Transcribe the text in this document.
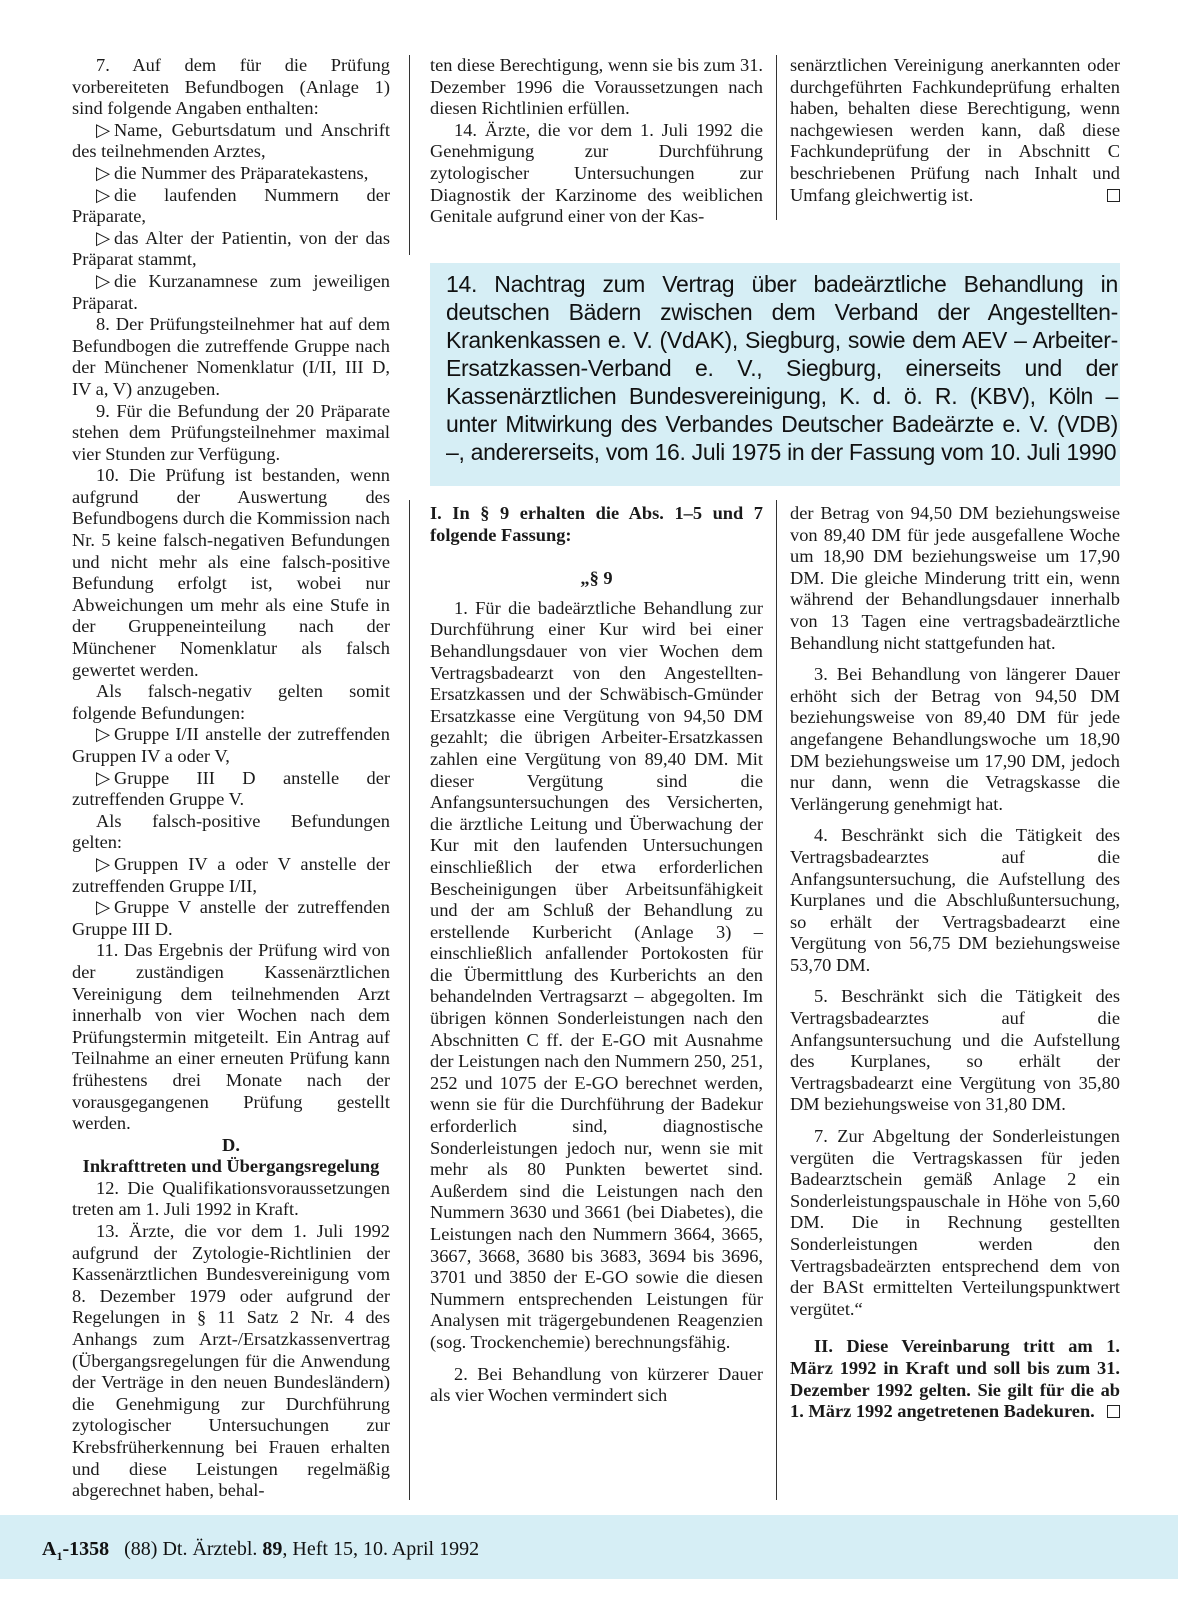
7. Auf dem für die Prüfung vorbereiteten Befundbogen (Anlage 1) sind folgende Angaben enthalten:

▷ Name, Geburtsdatum und Anschrift des teilnehmenden Arztes,

▷ die Nummer des Präparatekastens,

▷ die laufenden Nummern der Präparate,

▷ das Alter der Patientin, von der das Präparat stammt,

▷ die Kurzanamnese zum jeweiligen Präparat.

8. Der Prüfungsteilnehmer hat auf dem Befundbogen die zutreffende Gruppe nach der Münchener Nomenklatur (I/II, III D, IV a, V) anzugeben.

9. Für die Befundung der 20 Präparate stehen dem Prüfungsteilnehmer maximal vier Stunden zur Verfügung.

10. Die Prüfung ist bestanden, wenn aufgrund der Auswertung des Befundbogens durch die Kommission nach Nr. 5 keine falsch-negativen Befundungen und nicht mehr als eine falsch-positive Befundung erfolgt ist, wobei nur Abweichungen um mehr als eine Stufe in der Gruppeneinteilung nach der Münchener Nomenklatur als falsch gewertet werden.

Als falsch-negativ gelten somit folgende Befundungen:

▷ Gruppe I/II anstelle der zutreffenden Gruppen IV a oder V,

▷ Gruppe III D anstelle der zutreffenden Gruppe V.

Als falsch-positive Befundungen gelten:

▷ Gruppen IV a oder V anstelle der zutreffenden Gruppe I/II,

▷ Gruppe V anstelle der zutreffenden Gruppe III D.

11. Das Ergebnis der Prüfung wird von der zuständigen Kassenärztlichen Vereinigung dem teilnehmenden Arzt innerhalb von vier Wochen nach dem Prüfungstermin mitgeteilt. Ein Antrag auf Teilnahme an einer erneuten Prüfung kann frühestens drei Monate nach der vorausgegangenen Prüfung gestellt werden.

D.

Inkrafttreten und Übergangsregelung

12. Die Qualifikationsvoraussetzungen treten am 1. Juli 1992 in Kraft.

13. Ärzte, die vor dem 1. Juli 1992 aufgrund der Zytologie-Richtlinien der Kassenärztlichen Bundesvereinigung vom 8. Dezember 1979 oder aufgrund der Regelungen in § 11 Satz 2 Nr. 4 des Anhangs zum Arzt-/Ersatzkassenvertrag (Übergangsregelungen für die Anwendung der Verträge in den neuen Bundesländern) die Genehmigung zur Durchführung zytologischer Untersuchungen zur Krebsfrüherkennung bei Frauen erhalten und diese Leistungen regelmäßig abgerechnet haben, behal-

ten diese Berechtigung, wenn sie bis zum 31. Dezember 1996 die Voraussetzungen nach diesen Richtlinien erfüllen.

14. Ärzte, die vor dem 1. Juli 1992 die Genehmigung zur Durchführung zytologischer Untersuchungen zur Diagnostik der Karzinome des weiblichen Genitale aufgrund einer von der Kas-

senärztlichen Vereinigung anerkannten oder durchgeführten Fachkundeprüfung erhalten haben, behalten diese Berechtigung, wenn nachgewiesen werden kann, daß diese Fachkundeprüfung der in Abschnitt C beschriebenen Prüfung nach Inhalt und Umfang gleichwertig ist.

14. Nachtrag zum Vertrag über badeärztliche Behandlung in deutschen Bädern zwischen dem Verband der Angestellten-Krankenkassen e. V. (VdAK), Siegburg, sowie dem AEV – Arbeiter-Ersatzkassen-Verband e. V., Siegburg, einerseits und der Kassenärztlichen Bundesvereinigung, K. d. ö. R. (KBV), Köln – unter Mitwirkung des Verbandes Deutscher Badeärzte e. V. (VDB) –, andererseits, vom 16. Juli 1975 in der Fassung vom 10. Juli 1990

I. In § 9 erhalten die Abs. 1–5 und 7 folgende Fassung:

„§ 9

1. Für die badeärztliche Behandlung zur Durchführung einer Kur wird bei einer Behandlungsdauer von vier Wochen dem Vertragsbadearzt von den Angestellten-Ersatzkassen und der Schwäbisch-Gmünder Ersatzkasse eine Vergütung von 94,50 DM gezahlt; die übrigen Arbeiter-Ersatzkassen zahlen eine Vergütung von 89,40 DM. Mit dieser Vergütung sind die Anfangsuntersuchungen des Versicherten, die ärztliche Leitung und Überwachung der Kur mit den laufenden Untersuchungen einschließlich der etwa erforderlichen Bescheinigungen über Arbeitsunfähigkeit und der am Schluß der Behandlung zu erstellende Kurbericht (Anlage 3) – einschließlich anfallender Portokosten für die Übermittlung des Kurberichts an den behandelnden Vertragsarzt – abgegolten. Im übrigen können Sonderleistungen nach den Abschnitten C ff. der E-GO mit Ausnahme der Leistungen nach den Nummern 250, 251, 252 und 1075 der E-GO berechnet werden, wenn sie für die Durchführung der Badekur erforderlich sind, diagnostische Sonderleistungen jedoch nur, wenn sie mit mehr als 80 Punkten bewertet sind. Außerdem sind die Leistungen nach den Nummern 3630 und 3661 (bei Diabetes), die Leistungen nach den Nummern 3664, 3665, 3667, 3668, 3680 bis 3683, 3694 bis 3696, 3701 und 3850 der E-GO sowie die diesen Nummern entsprechenden Leistungen für Analysen mit trägergebundenen Reagenzien (sog. Trockenchemie) berechnungsfähig.

2. Bei Behandlung von kürzerer Dauer als vier Wochen vermindert sich

der Betrag von 94,50 DM beziehungsweise von 89,40 DM für jede ausgefallene Woche um 18,90 DM beziehungsweise um 17,90 DM. Die gleiche Minderung tritt ein, wenn während der Behandlungsdauer innerhalb von 13 Tagen eine vertragsbadeärztliche Behandlung nicht stattgefunden hat.

3. Bei Behandlung von längerer Dauer erhöht sich der Betrag von 94,50 DM beziehungsweise von 89,40 DM für jede angefangene Behandlungswoche um 18,90 DM beziehungsweise um 17,90 DM, jedoch nur dann, wenn die Vetragskasse die Verlängerung genehmigt hat.

4. Beschränkt sich die Tätigkeit des Vertragsbadearztes auf die Anfangsuntersuchung, die Aufstellung des Kurplanes und die Abschlußuntersuchung, so erhält der Vertragsbadearzt eine Vergütung von 56,75 DM beziehungsweise 53,70 DM.

5. Beschränkt sich die Tätigkeit des Vertragsbadearztes auf die Anfangsuntersuchung und die Aufstellung des Kurplanes, so erhält der Vertragsbadearzt eine Vergütung von 35,80 DM beziehungsweise von 31,80 DM.

7. Zur Abgeltung der Sonderleistungen vergüten die Vertragskassen für jeden Badearztschein gemäß Anlage 2 ein Sonderleistungspauschale in Höhe von 5,60 DM. Die in Rechnung gestellten Sonderleistungen werden den Vertragsbadeärzten entsprechend dem von der BASt ermittelten Verteilungspunktwert vergütet.“

II. Diese Vereinbarung tritt am 1. März 1992 in Kraft und soll bis zum 31. Dezember 1992 gelten. Sie gilt für die ab 1. März 1992 angetretenen Badekuren.

$A_1-1358$ (88) Dt. Ärztebl. 89, Heft 15, 10. April 1992
